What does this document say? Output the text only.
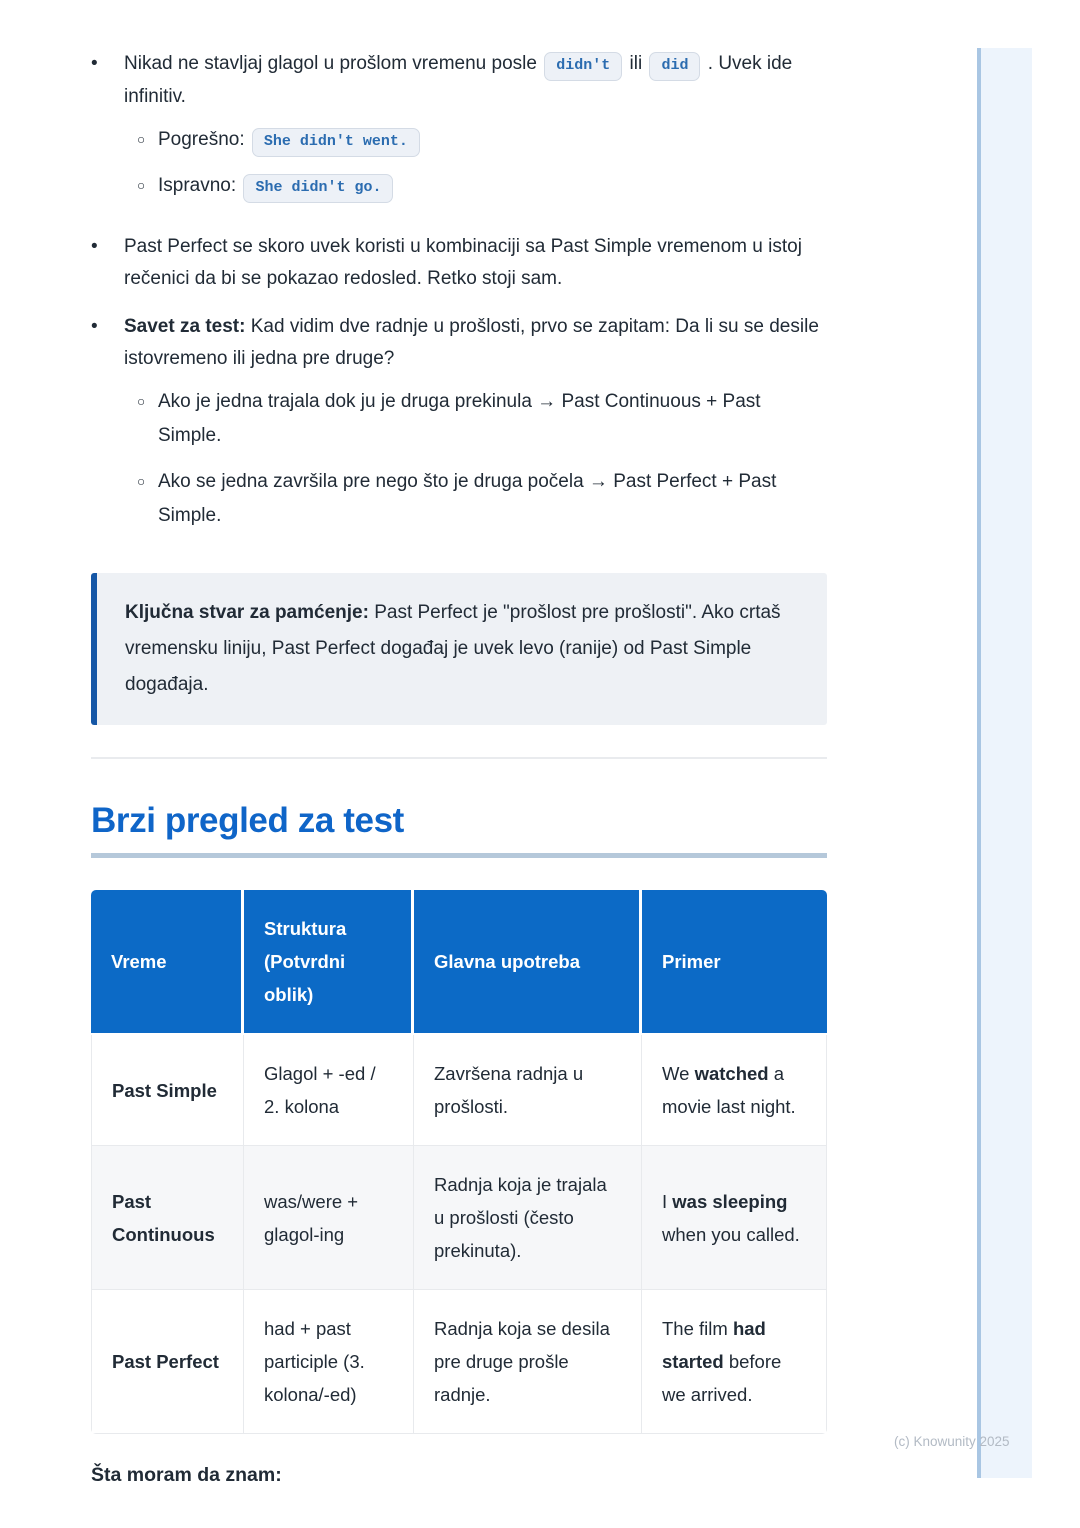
(c) Knowunity 2025
•	Nikad ne stavljaj glagol u prošlom vremenu posle didn't ili did . Uvek ide infinitiv.
○ Pogrešno: She didn't went.
○ Ispravno: She didn't go.
•	Past Perfect se skoro uvek koristi u kombinaciji sa Past Simple vremenom u istoj rečenici da bi se pokazao redosled. Retko stoji sam.
•	Savet za test: Kad vidim dve radnje u prošlosti, prvo se zapitam: Da li su se desile istovremeno ili jedna pre druge?
○ Ako je jedna trajala dok ju je druga prekinula → Past Continuous + Past Simple.
○ Ako se jedna završila pre nego što je druga počela → Past Perfect + Past Simple.
Ključna stvar za pamćenje: Past Perfect je "prošlost pre prošlosti". Ako crtaš vremensku liniju, Past Perfect događaj je uvek levo (ranije) od Past Simple događaja.
Brzi pregled za test
Vreme	Struktura (Potvrdni oblik)	Glavna upotreba	Primer
Past Simple	Glagol + -ed / 2. kolona	Završena radnja u prošlosti.	We watched a movie last night.
Past Continuous	was/were + glagol-ing	Radnja koja je trajala u prošlosti (često prekinuta).	I was sleeping when you called.
Past Perfect	had + past participle (3. kolona/-ed)	Radnja koja se desila pre druge prošle radnje.	The film had started before we arrived.
Šta moram da znam:
